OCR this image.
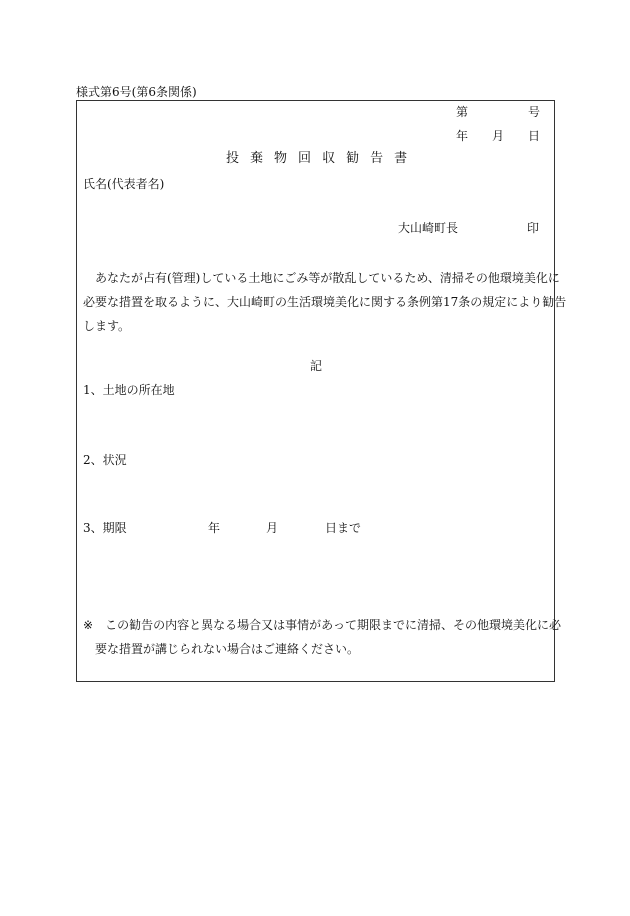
様式第6号(第6条関係)
第	号
年 月 日
投 棄 物 回 収 勧 告 書
氏名(代表者名)
大山崎町長	印

あなたが占有(管理)している土地にごみ等が散乱しているため、清掃その他環境美化に

必要な措置を取るように、大山崎町の生活環境美化に関する条例第17条の規定により勧告

します。

記
1、土地の所在地
2、状況
3、期限	年	月	日まで

※ この勧告の内容と異なる場合又は事情があって期限までに清掃、その他環境美化に必

要な措置が講じられない場合はご連絡ください。
